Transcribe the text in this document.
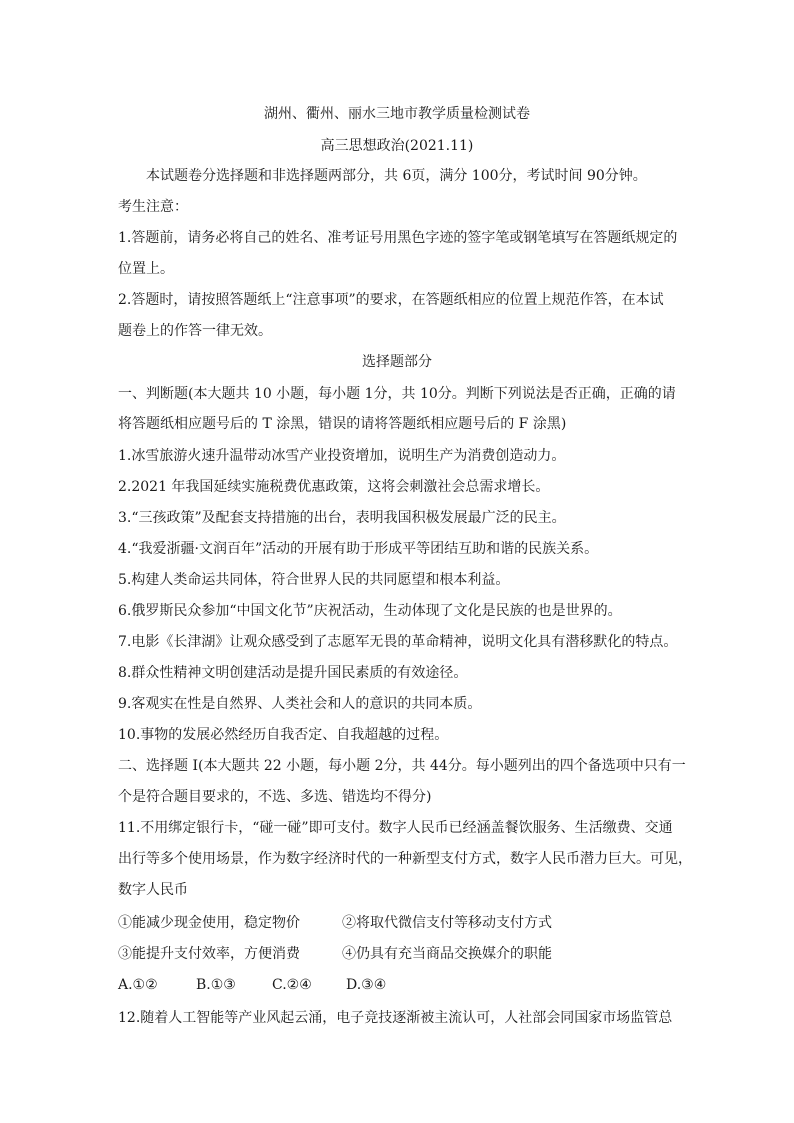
湖州、衢州、丽水三地市教学质量检测试卷
高三思想政治(2021.11)
本试题卷分选择题和非选择题两部分，共 6页，满分 100分，考试时间 90分钟。
考生注意：
1.答题前，请务必将自己的姓名、准考证号用黑色字迹的签字笔或钢笔填写在答题纸规定的
位置上。
2.答题时，请按照答题纸上“注意事项”的要求，在答题纸相应的位置上规范作答，在本试
题卷上的作答一律无效。
选择题部分
一、判断题(本大题共 10 小题，每小题 1分，共 10分。判断下列说法是否正确，正确的请
将答题纸相应题号后的 T 涂黑，错误的请将答题纸相应题号后的 F 涂黑)
1.冰雪旅游火速升温带动冰雪产业投资增加，说明生产为消费创造动力。
2.2021 年我国延续实施税费优惠政策，这将会刺激社会总需求增长。
3.“三孩政策”及配套支持措施的出台，表明我国积极发展最广泛的民主。
4.“我爱浙疆·文润百年”活动的开展有助于形成平等团结互助和谐的民族关系。
5.构建人类命运共同体，符合世界人民的共同愿望和根本利益。
6.俄罗斯民众参加“中国文化节”庆祝活动，生动体现了文化是民族的也是世界的。
7.电影《长津湖》让观众感受到了志愿军无畏的革命精神，说明文化具有潜移默化的特点。
8.群众性精神文明创建活动是提升国民素质的有效途径。
9.客观实在性是自然界、人类社会和人的意识的共同本质。
10.事物的发展必然经历自我否定、自我超越的过程。
二、选择题 I(本大题共 22 小题，每小题 2分，共 44分。每小题列出的四个备选项中只有一
个是符合题目要求的，不选、多选、错选均不得分)
11.不用绑定银行卡，“碰一碰”即可支付。数字人民币已经涵盖餐饮服务、生活缴费、交通
出行等多个使用场景，作为数字经济时代的一种新型支付方式，数字人民币潜力巨大。可见，
数字人民币
①能减少现金使用，稳定物价	②将取代微信支付等移动支付方式
③能提升支付效率，方便消费	④仍具有充当商品交换媒介的职能
A.①②	B.①③	C.②④ D.③④
12.随着人工智能等产业风起云涌，电子竞技逐渐被主流认可，人社部会同国家市场监管总
